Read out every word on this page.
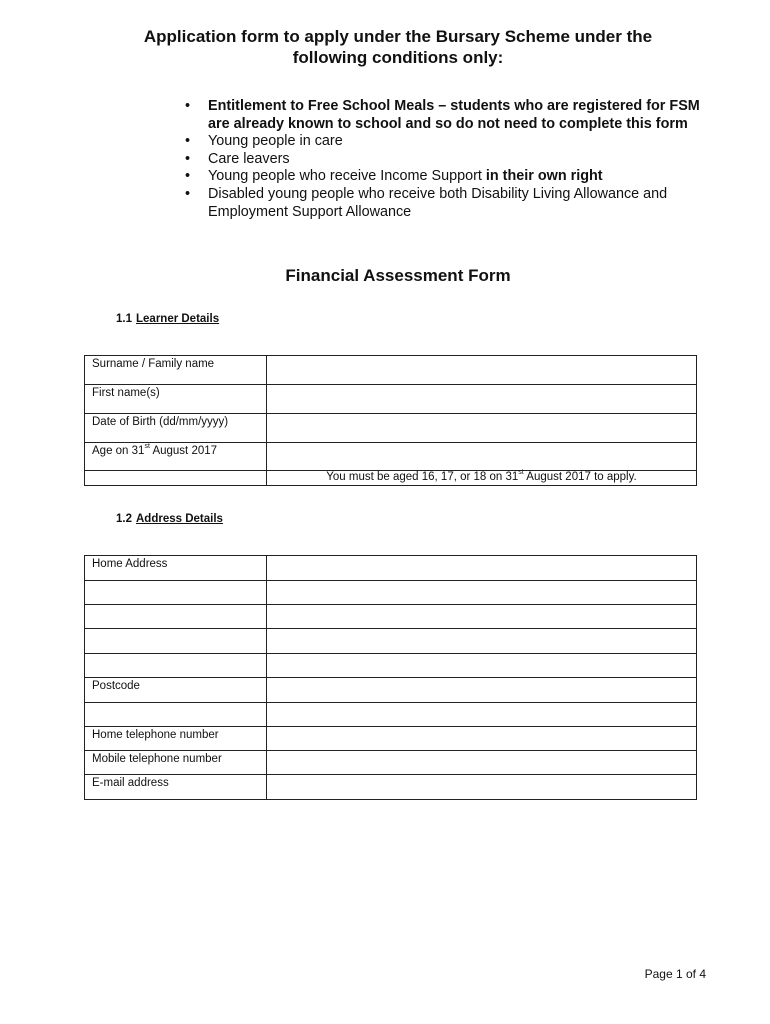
Application form to apply under the Bursary Scheme under the
following conditions only:
• Entitlement to Free School Meals – students who are registered for FSM are already known to school and so do not need to complete this form
• Young people in care
• Care leavers
• Young people who receive Income Support in their own right
• Disabled young people who receive both Disability Living Allowance and Employment Support Allowance
Financial Assessment Form
1.1 Learner Details
Surname / Family name	
First name(s)	
Date of Birth (dd/mm/yyyy)	
Age on 31st August 2017	
	You must be aged 16, 17, or 18 on 31st August 2017 to apply.
1.2 Address Details
Home Address	

Postcode	

Home telephone number	
Mobile telephone number	
E-mail address	
Page 1 of 4
